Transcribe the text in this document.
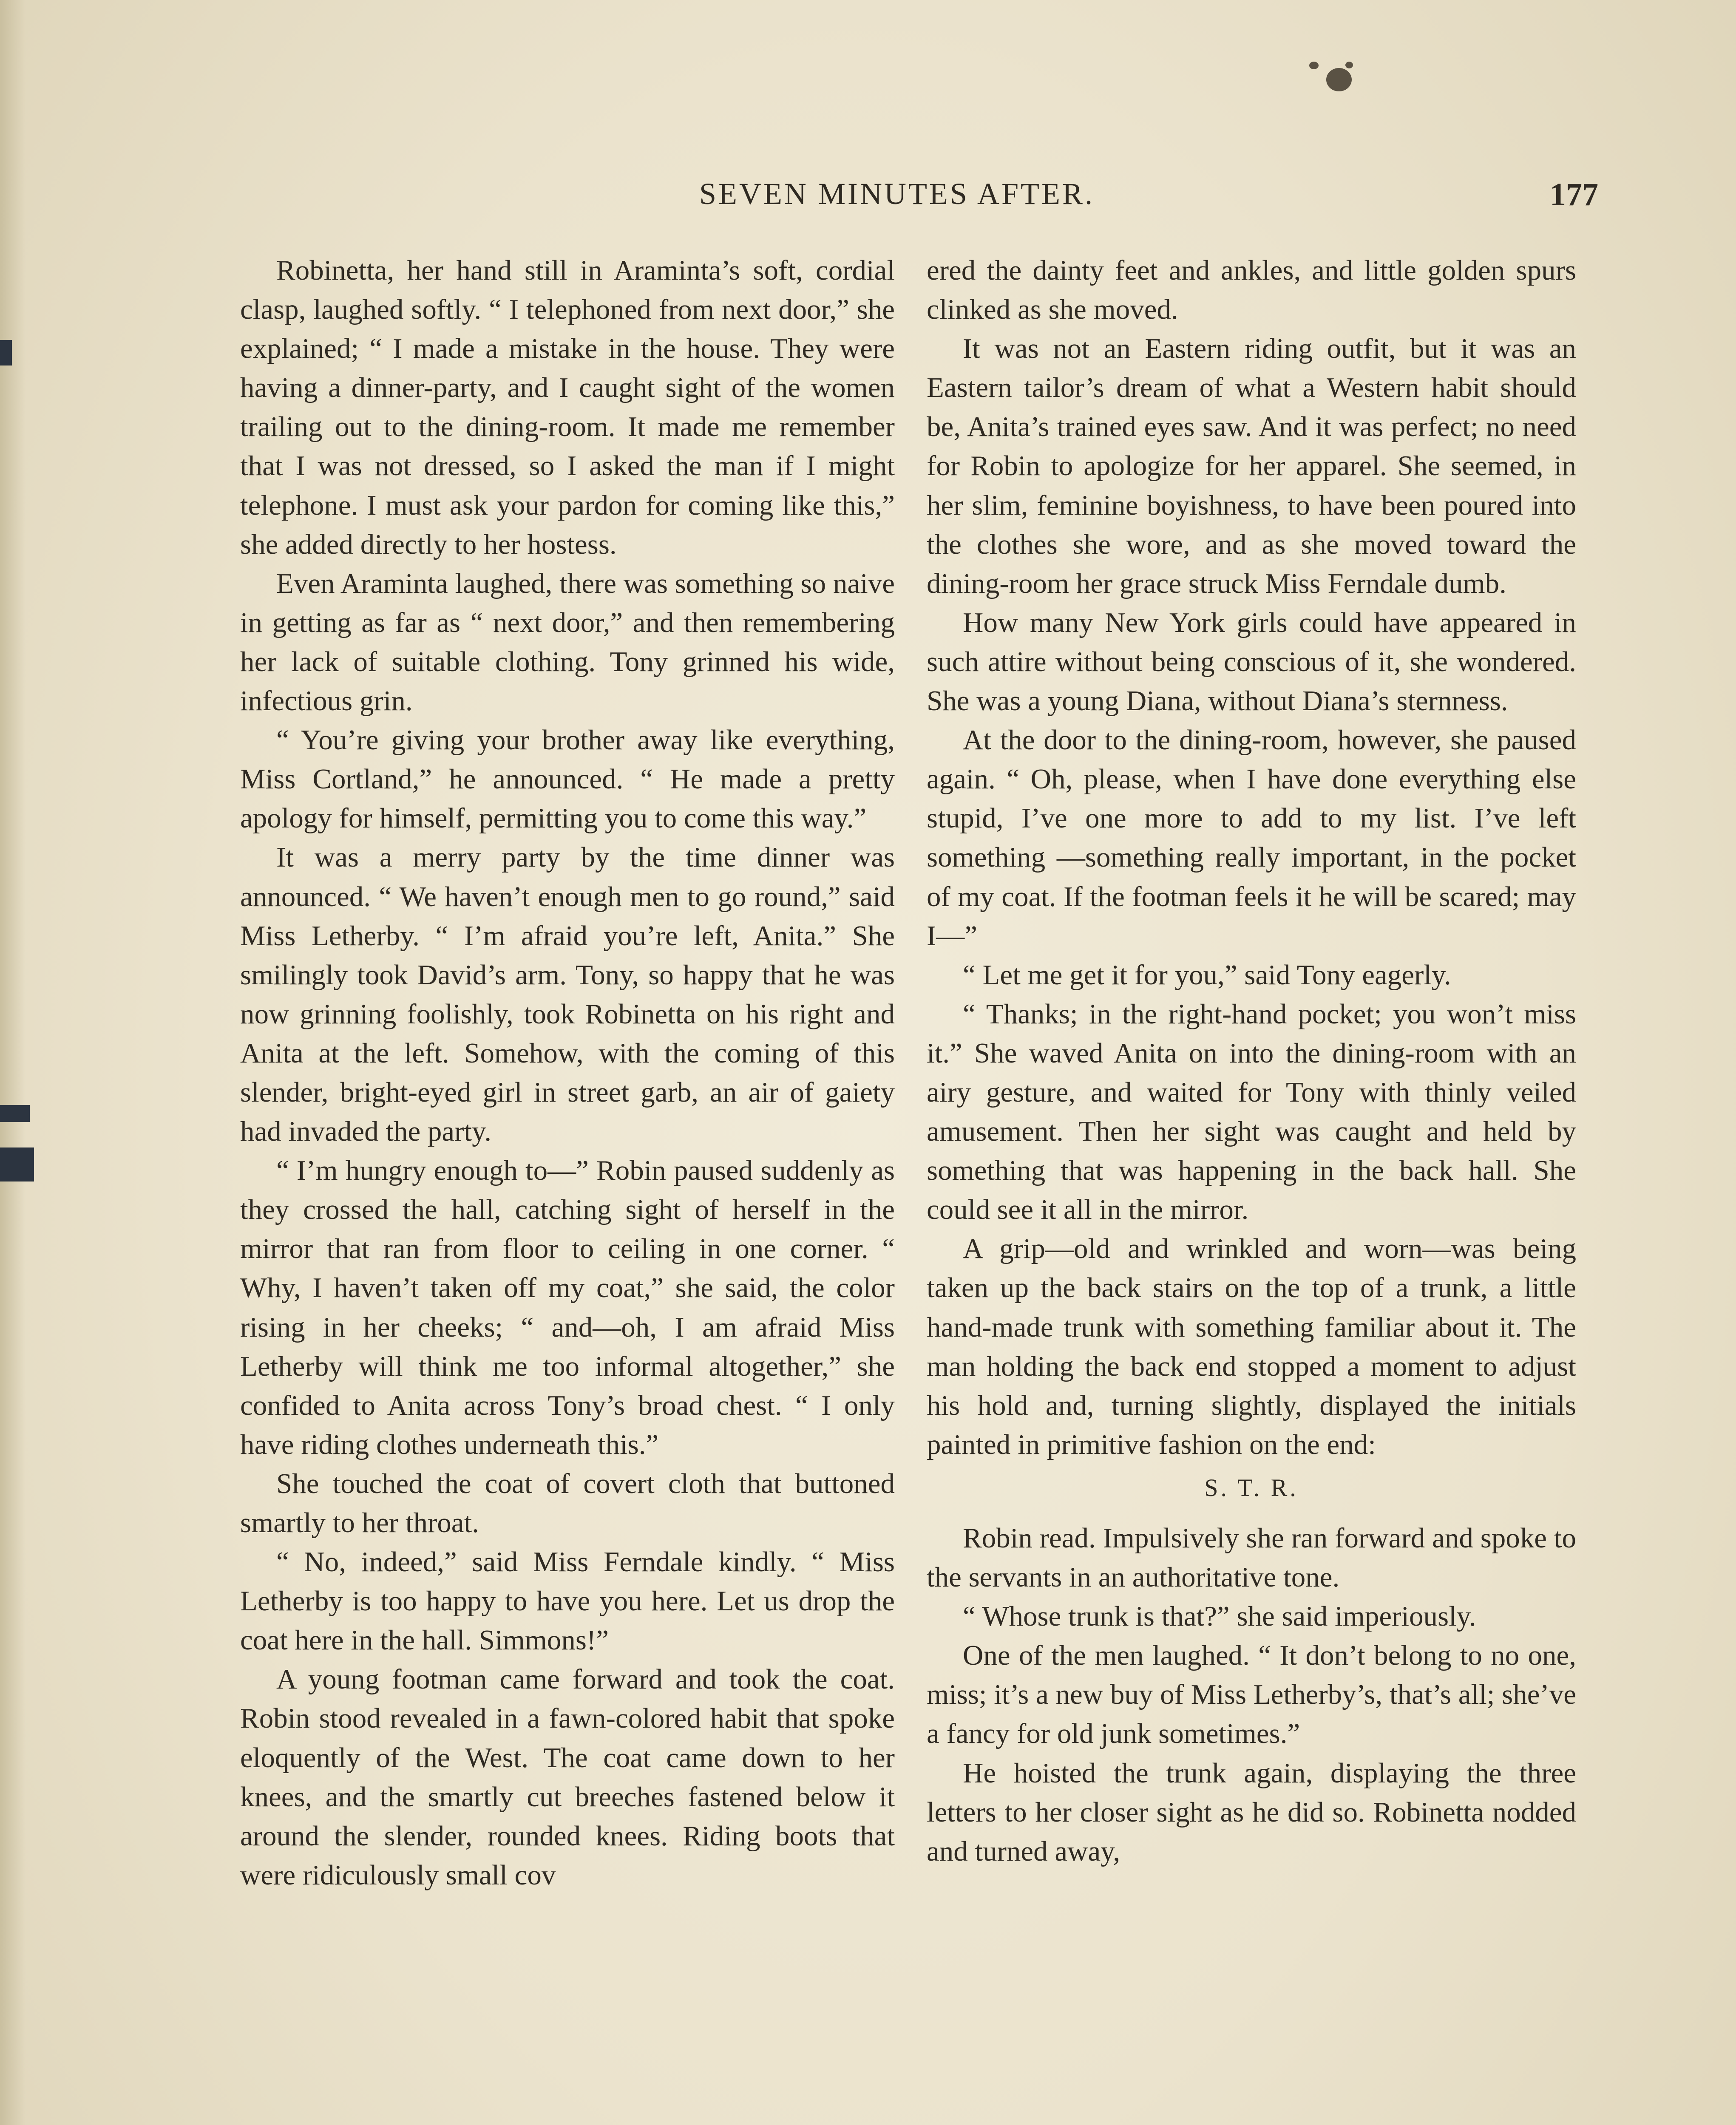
SEVEN MINUTES AFTER.	177

Robinetta, her hand still in Araminta’s soft, cordial clasp, laughed softly. “ I telephoned from next door,” she explained; “ I made a mistake in the house. They were having a dinner-party, and I caught sight of the women trailing out to the dining-room. It made me remember that I was not dressed, so I asked the man if I might telephone. I must ask your pardon for coming like this,” she added directly to her hostess.

Even Araminta laughed, there was something so naive in getting as far as “ next door,” and then remembering her lack of suitable clothing. Tony grinned his wide, infectious grin.

“ You’re giving your brother away like everything, Miss Cortland,” he announced. “ He made a pretty apology for himself, permitting you to come this way.”

It was a merry party by the time dinner was announced. “ We haven’t enough men to go round,” said Miss Letherby. “ I’m afraid you’re left, Anita.” She smilingly took David’s arm. Tony, so happy that he was now grinning foolishly, took Robinetta on his right and Anita at the left. Somehow, with the coming of this slender, bright-eyed girl in street garb, an air of gaiety had invaded the party.

“ I’m hungry enough to—” Robin paused suddenly as they crossed the hall, catching sight of herself in the mirror that ran from floor to ceiling in one corner. “ Why, I haven’t taken off my coat,” she said, the color rising in her cheeks; “ and—oh, I am afraid Miss Letherby will think me too informal altogether,” she confided to Anita across Tony’s broad chest. “ I only have riding clothes underneath this.”

She touched the coat of covert cloth that buttoned smartly to her throat.

“ No, indeed,” said Miss Ferndale kindly. “ Miss Letherby is too happy to have you here. Let us drop the coat here in the hall. Simmons!”

A young footman came forward and took the coat. Robin stood revealed in a fawn-colored habit that spoke eloquently of the West. The coat came down to her knees, and the smartly cut breeches fastened below it around the slender, rounded knees. Riding boots that were ridiculously small cov

ered the dainty feet and ankles, and little golden spurs clinked as she moved.

It was not an Eastern riding outfit, but it was an Eastern tailor’s dream of what a Western habit should be, Anita’s trained eyes saw. And it was perfect; no need for Robin to apologize for her apparel. She seemed, in her slim, feminine boyishness, to have been poured into the clothes she wore, and as she moved toward the dining-room her grace struck Miss Ferndale dumb.

How many New York girls could have appeared in such attire without being conscious of it, she wondered. She was a young Diana, without Diana’s sternness.

At the door to the dining-room, however, she paused again. “ Oh, please, when I have done everything else stupid, I’ve one more to add to my list. I’ve left something —something really important, in the pocket of my coat. If the footman feels it he will be scared; may I—”

“ Let me get it for you,” said Tony eagerly.

“ Thanks; in the right-hand pocket; you won’t miss it.” She waved Anita on into the dining-room with an airy gesture, and waited for Tony with thinly veiled amusement. Then her sight was caught and held by something that was happening in the back hall. She could see it all in the mirror.

A grip—old and wrinkled and worn—was being taken up the back stairs on the top of a trunk, a little hand-made trunk with something familiar about it. The man holding the back end stopped a moment to adjust his hold and, turning slightly, displayed the initials painted in primitive fashion on the end:

S. T. R.

Robin read. Impulsively she ran forward and spoke to the servants in an authoritative tone.

“ Whose trunk is that?” she said imperiously.

One of the men laughed. “ It don’t belong to no one, miss; it’s a new buy of Miss Letherby’s, that’s all; she’ve a fancy for old junk sometimes.”

He hoisted the trunk again, displaying the three letters to her closer sight as he did so. Robinetta nodded and turned away,
